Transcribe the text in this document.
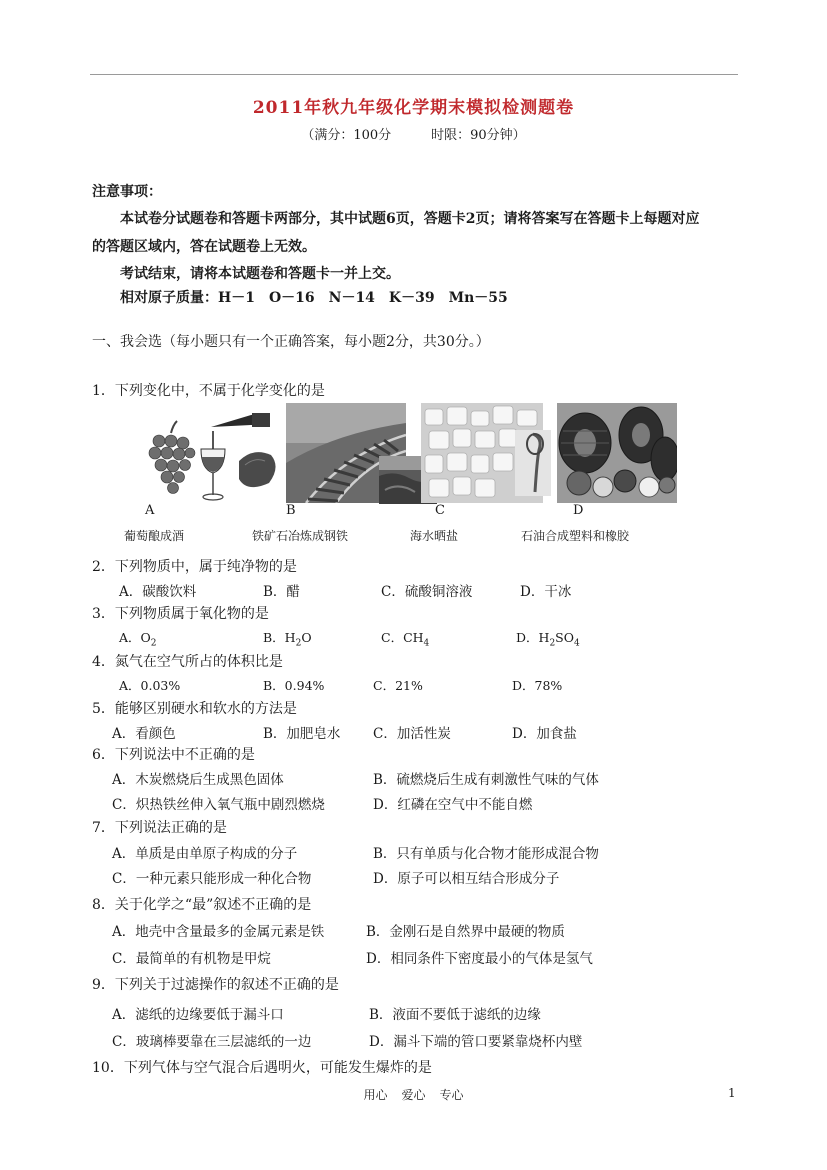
2011年秋九年级化学期末模拟检测题卷
（满分：100分	时限：90分钟）
注意事项：
本试卷分试题卷和答题卡两部分，其中试题6页，答题卡2页；请将答案写在答题卡上每题对应
的答题区域内，答在试题卷上无效。
考试结束，请将本试题卷和答题卡一并上交。
相对原子质量：H－1　O－16　N－14　K－39　Mn－55
一、我会选（每小题只有一个正确答案，每小题2分，共30分。）
1．下列变化中，不属于化学变化的是
A	B	C	D
葡萄酿成酒	铁矿石冶炼成钢铁	海水晒盐	石油合成塑料和橡胶
2．下列物质中，属于纯净物的是
A．碳酸饮料	B．醋	C．硫酸铜溶液	D．干冰
3．下列物质属于氧化物的是
A．$O_2$	B．$H_2O$	C．$CH_4$	D．$H_2SO_4$
4．氮气在空气所占的体积比是
A．0.03%	B．0.94%	C．21%	D．78%
5．能够区别硬水和软水的方法是
A．看颜色	B．加肥皂水 C．加活性炭	D．加食盐
6．下列说法中不正确的是
A．木炭燃烧后生成黑色固体	B．硫燃烧后生成有刺激性气味的气体
C．炽热铁丝伸入氧气瓶中剧烈燃烧	D．红磷在空气中不能自燃
7．下列说法正确的是
A．单质是由单原子构成的分子	B．只有单质与化合物才能形成混合物
C．一种元素只能形成一种化合物	D．原子可以相互结合形成分子
8．关于化学之“最”叙述不正确的是
A．地壳中含量最多的金属元素是铁	B．金刚石是自然界中最硬的物质
C．最简单的有机物是甲烷	D．相同条件下密度最小的气体是氢气
9．下列关于过滤操作的叙述不正确的是
A．滤纸的边缘要低于漏斗口	B．液面不要低于滤纸的边缘
C．玻璃棒要靠在三层滤纸的一边	D．漏斗下端的管口要紧靠烧杯内壁
10．下列气体与空气混合后遇明火，可能发生爆炸的是
用心 爱心 专心	1
